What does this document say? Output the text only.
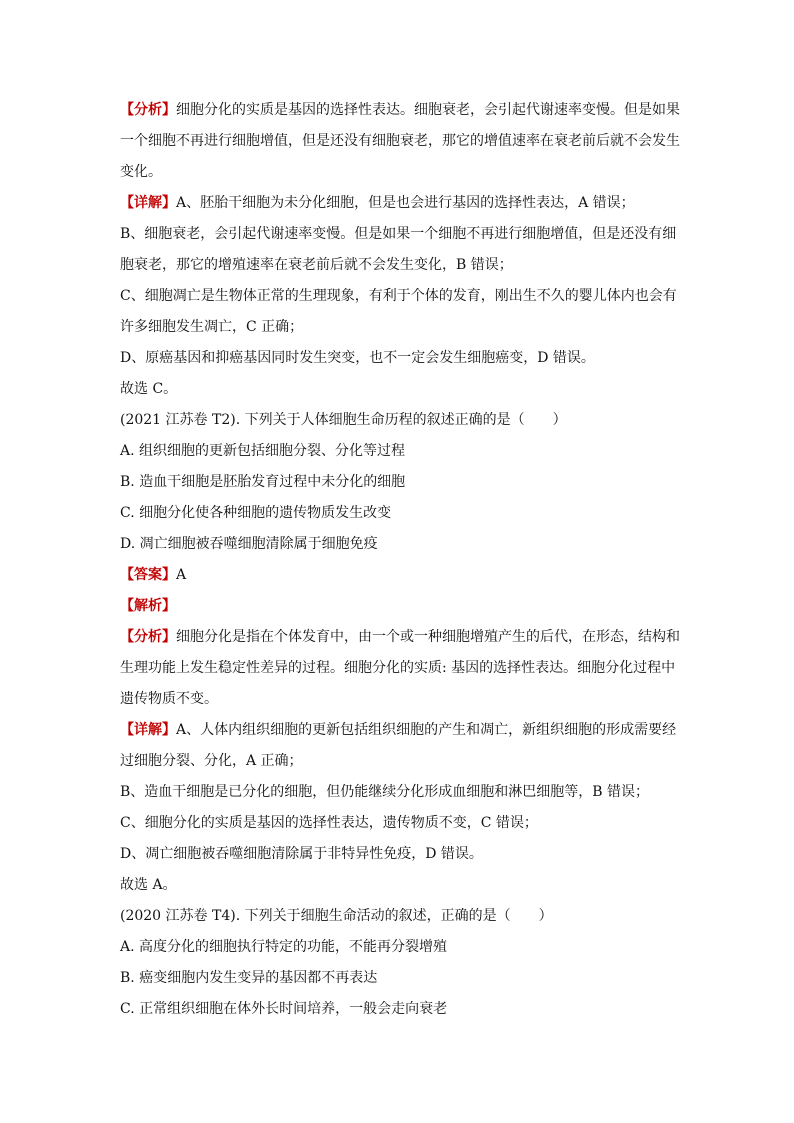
【分析】细胞分化的实质是基因的选择性表达。细胞衰老，会引起代谢速率变慢。但是如果
一个细胞不再进行细胞增值，但是还没有细胞衰老，那它的增值速率在衰老前后就不会发生
变化。
【详解】A、胚胎干细胞为未分化细胞，但是也会进行基因的选择性表达，A 错误；
B、细胞衰老，会引起代谢速率变慢。但是如果一个细胞不再进行细胞增值，但是还没有细
胞衰老，那它的增殖速率在衰老前后就不会发生变化，B 错误；
C、细胞凋亡是生物体正常的生理现象，有利于个体的发育，刚出生不久的婴儿体内也会有
许多细胞发生凋亡，C 正确；
D、原癌基因和抑癌基因同时发生突变，也不一定会发生细胞癌变，D 错误。
故选 C。
(2021 江苏卷 T2). 下列关于人体细胞生命历程的叙述正确的是（　　）
A. 组织细胞的更新包括细胞分裂、分化等过程
B. 造血干细胞是胚胎发育过程中未分化的细胞
C. 细胞分化使各种细胞的遗传物质发生改变
D. 凋亡细胞被吞噬细胞清除属于细胞免疫
【答案】A
【解析】
【分析】细胞分化是指在个体发育中，由一个或一种细胞增殖产生的后代，在形态，结构和
生理功能上发生稳定性差异的过程。细胞分化的实质: 基因的选择性表达。细胞分化过程中
遗传物质不变。
【详解】A、人体内组织细胞的更新包括组织细胞的产生和凋亡，新组织细胞的形成需要经
过细胞分裂、分化，A 正确；
B、造血干细胞是已分化的细胞，但仍能继续分化形成血细胞和淋巴细胞等，B 错误；
C、细胞分化的实质是基因的选择性表达，遗传物质不变，C 错误；
D、凋亡细胞被吞噬细胞清除属于非特异性免疫，D 错误。
故选 A。
(2020 江苏卷 T4). 下列关于细胞生命活动的叙述，正确的是（　　）
A. 高度分化的细胞执行特定的功能，不能再分裂增殖
B. 癌变细胞内发生变异的基因都不再表达
C. 正常组织细胞在体外长时间培养，一般会走向衰老
